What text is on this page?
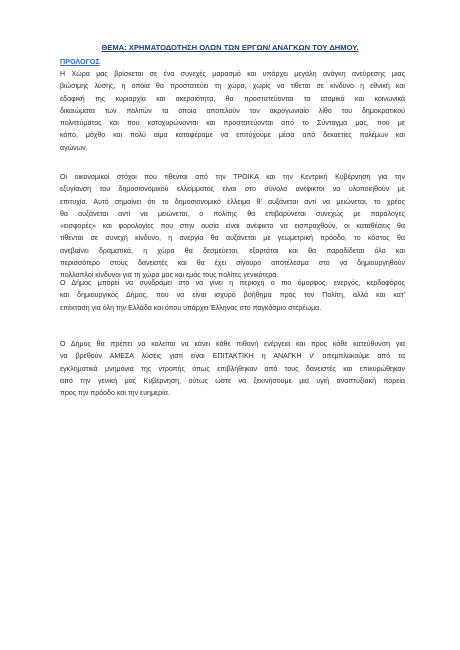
ΘΕΜΑ: ΧΡΗΜΑΤΟΔΟΤΗΣΗ ΟΛΩΝ ΤΩΝ ΕΡΓΩΝ/ ΑΝΑΓΚΩΝ ΤΟΥ ΔΗΜΟΥ.
ΠΡΟΛΟΓΟΣ

Η Χώρα μας βρίσκεται σε ένα συνεχές μαρασμό και υπάρχει μεγάλη ανάγκη ανεύρεσης μιας
βιώσιμης λύσης, η οποία θα προστατεύει τη χώρα, χωρίς να τίθεται σε κίνδυνο η εθνική και
εδαφική της κυριαρχία και ακεραιότητα, θα προστατεύονται τα ατομικά και κοινωνικά
δικαιώματα των πολιτών τα οποία αποτελούν τον ακρογωνιαίο λίθο του δημοκρατικού
πολιτεύματος και που κατοχυρώνονται και προστατεύονται από το Σύνταγμα μας, που με
κόπο, μόχθο και πολύ αίμα καταφέραμε να επιτύχουμε μέσα από δεκαετίες πολέμων και
αγώνων,

Οι οικονομικοί στόχοι που τίθενται από την ΤΡΟΙΚΑ και την Κεντρική Κυβέρνηση για την
εξυγίανση του δημοσιονομικού ελλείμματος είναι στο σύνολο ανέφικτοι να υλοποιηθούν με
επιτυχία. Αυτό σημαίνει ότι το δημοσιονομικό έλλειμα θ' αυξάνεται αντί να μειώνεται, το χρέος
θα αυξάνεται αντί να μειώνεται, ο πολίτης θα επιβαρύνεται συνεχώς με παράλογες
«εισφορές» και φορολογίες που στην ουσία είναι ανέφικτο να εισπραχθούν, οι καταθέσεις θα
τίθενται σε συνεχή κίνδυνο, η ανεργία θα αυξάνεται με γεωμετρική πρόοδο, το κόστος θα
ανεβαίνει δραματικά, η χώρα θα δεσμεύεται, εξαρτάται και θα παραδίδεται όλο και
περισσότερο στους δανειστές και θα έχει σίγουρο αποτέλεσμα στο να δημιουργηθούν
πολλαπλοί κίνδυνοι για τη χώρα μας και εμάς τους πολίτες γενικότερα.

Ο Δήμος μπορεί να συνδράμει στο να γίνει η περιοχή ο πιο όμορφος, ενεργός, κερδοφόρος
και δημιουργικός Δήμος, που να είναι ισχυρό βοήθημα προς τον Πολίτη, αλλά και κατ'
επέκταση για όλη την Ελλάδα και όπου υπάρχει Έλληνας στο παγκόσμιο στερέωμα.

Ο Δήμος θα πρέπει να καλείται να κάνει κάθε πιθανή ενέργεια και προς κάθε κατεύθυνση για
να βρεθούν ΑΜΕΣΑ λύσεις γιατί είναι ΕΠΙΤΑΚΤΙΚΗ η ΑΝΑΓΚΗ ν' απεμπλακούμε από τα
εγκληματικά μνημόνια της ντροπής όπως επιβλήθηκαν από τους δανειστές και επικυρώθηκαν
από την γενική μας Κυβέρνηση, ούτως ώστε να ξεκινήσουμε μια υγιή αναπτυξιακή πορεία
προς την πρόοδο και την ευημερία.
